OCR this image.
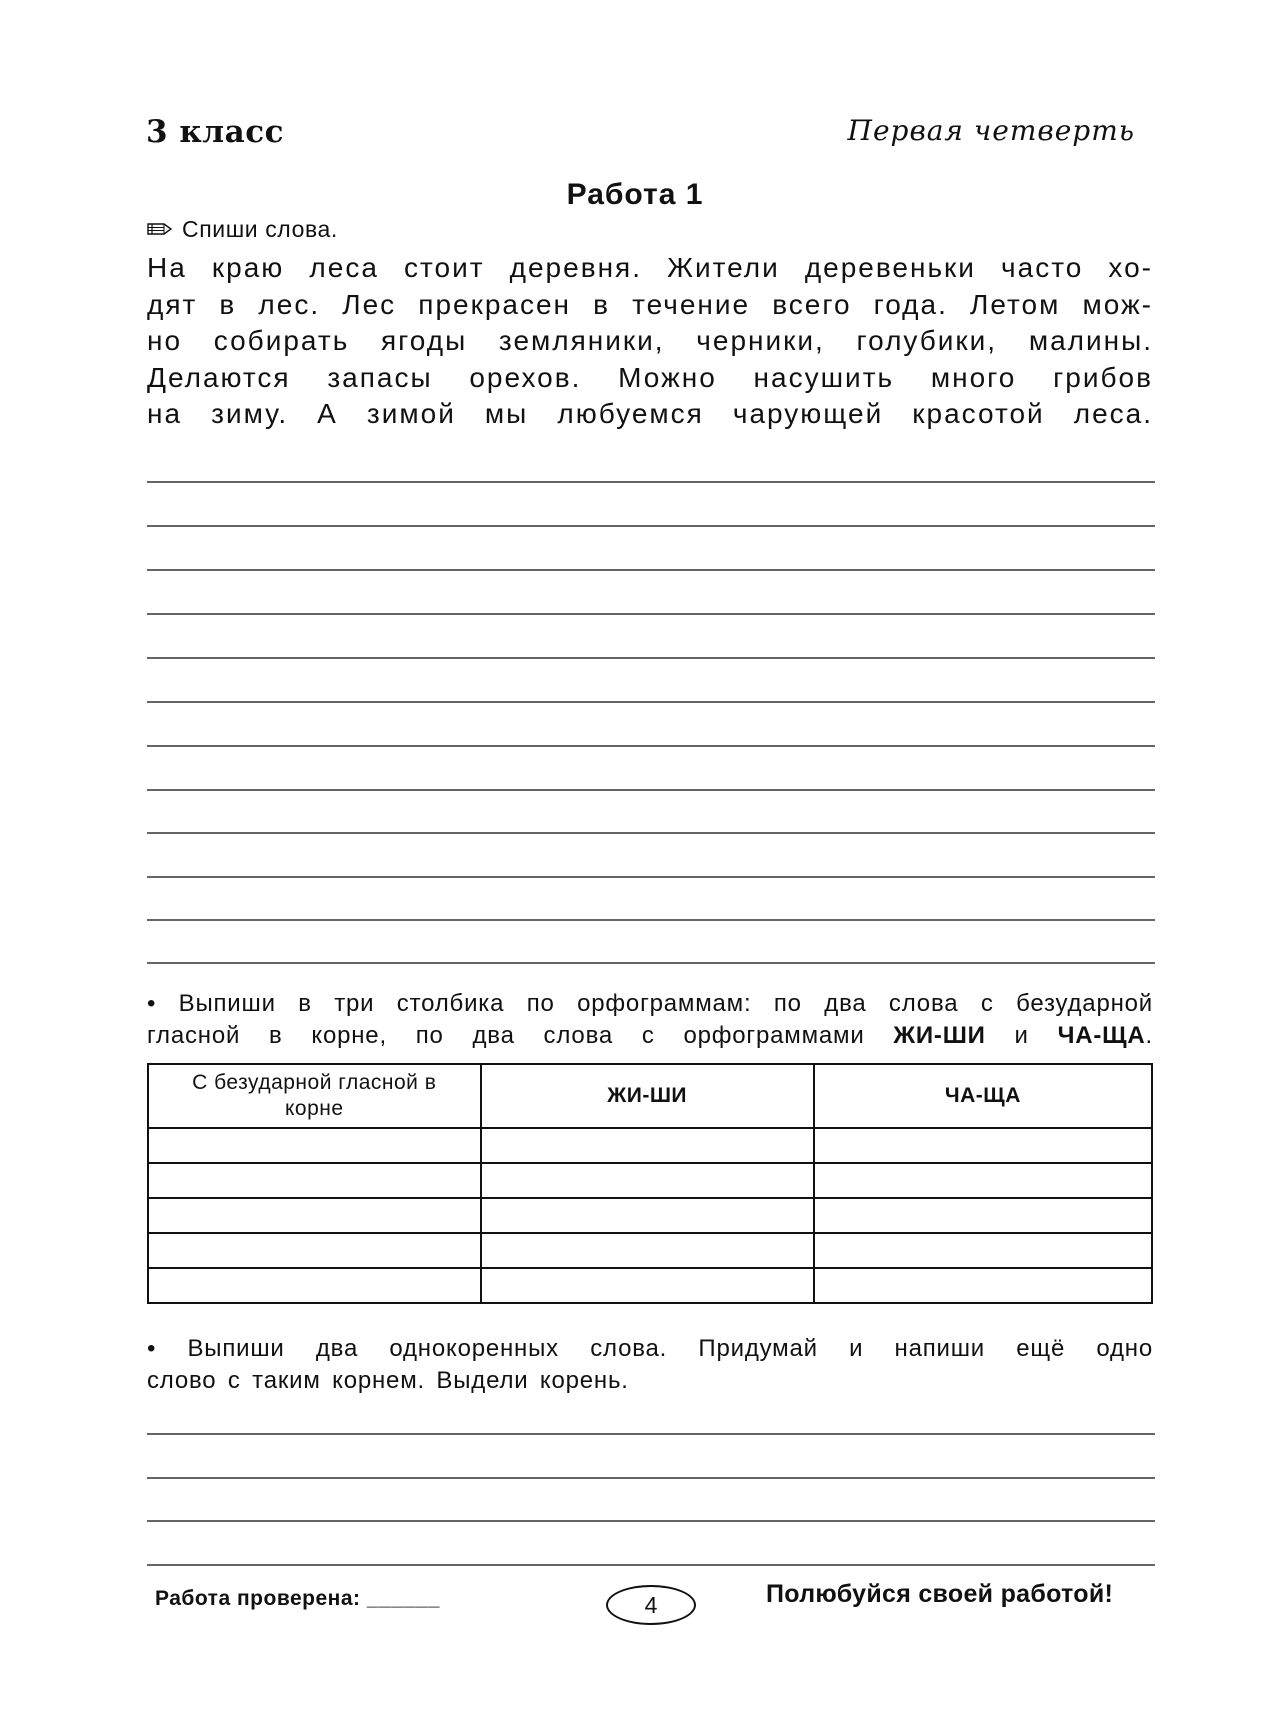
3 класс	Первая четверть
Работа 1
Спиши слова.
На краю леса стоит деревня. Жители деревеньки часто хо-
дят в лес. Лес прекрасен в течение всего года. Летом мож-
но собирать ягоды земляники, черники, голубики, малины.
Делаются запасы орехов. Можно насушить много грибов
на зиму. А зимой мы любуемся чарующей красотой леса.
• Выпиши в три столбика по орфограммам: по два слова с безударной
гласной в корне, по два слова с орфограммами ЖИ-ШИ и ЧА-ЩА.
С безударной гласной в корне	ЖИ-ШИ	ЧА-ЩА

• Выпиши два однокоренных слова. Придумай и напиши ещё одно
слово с таким корнем. Выдели корень.
Работа проверена: ______	4	Полюбуйся своей работой!
